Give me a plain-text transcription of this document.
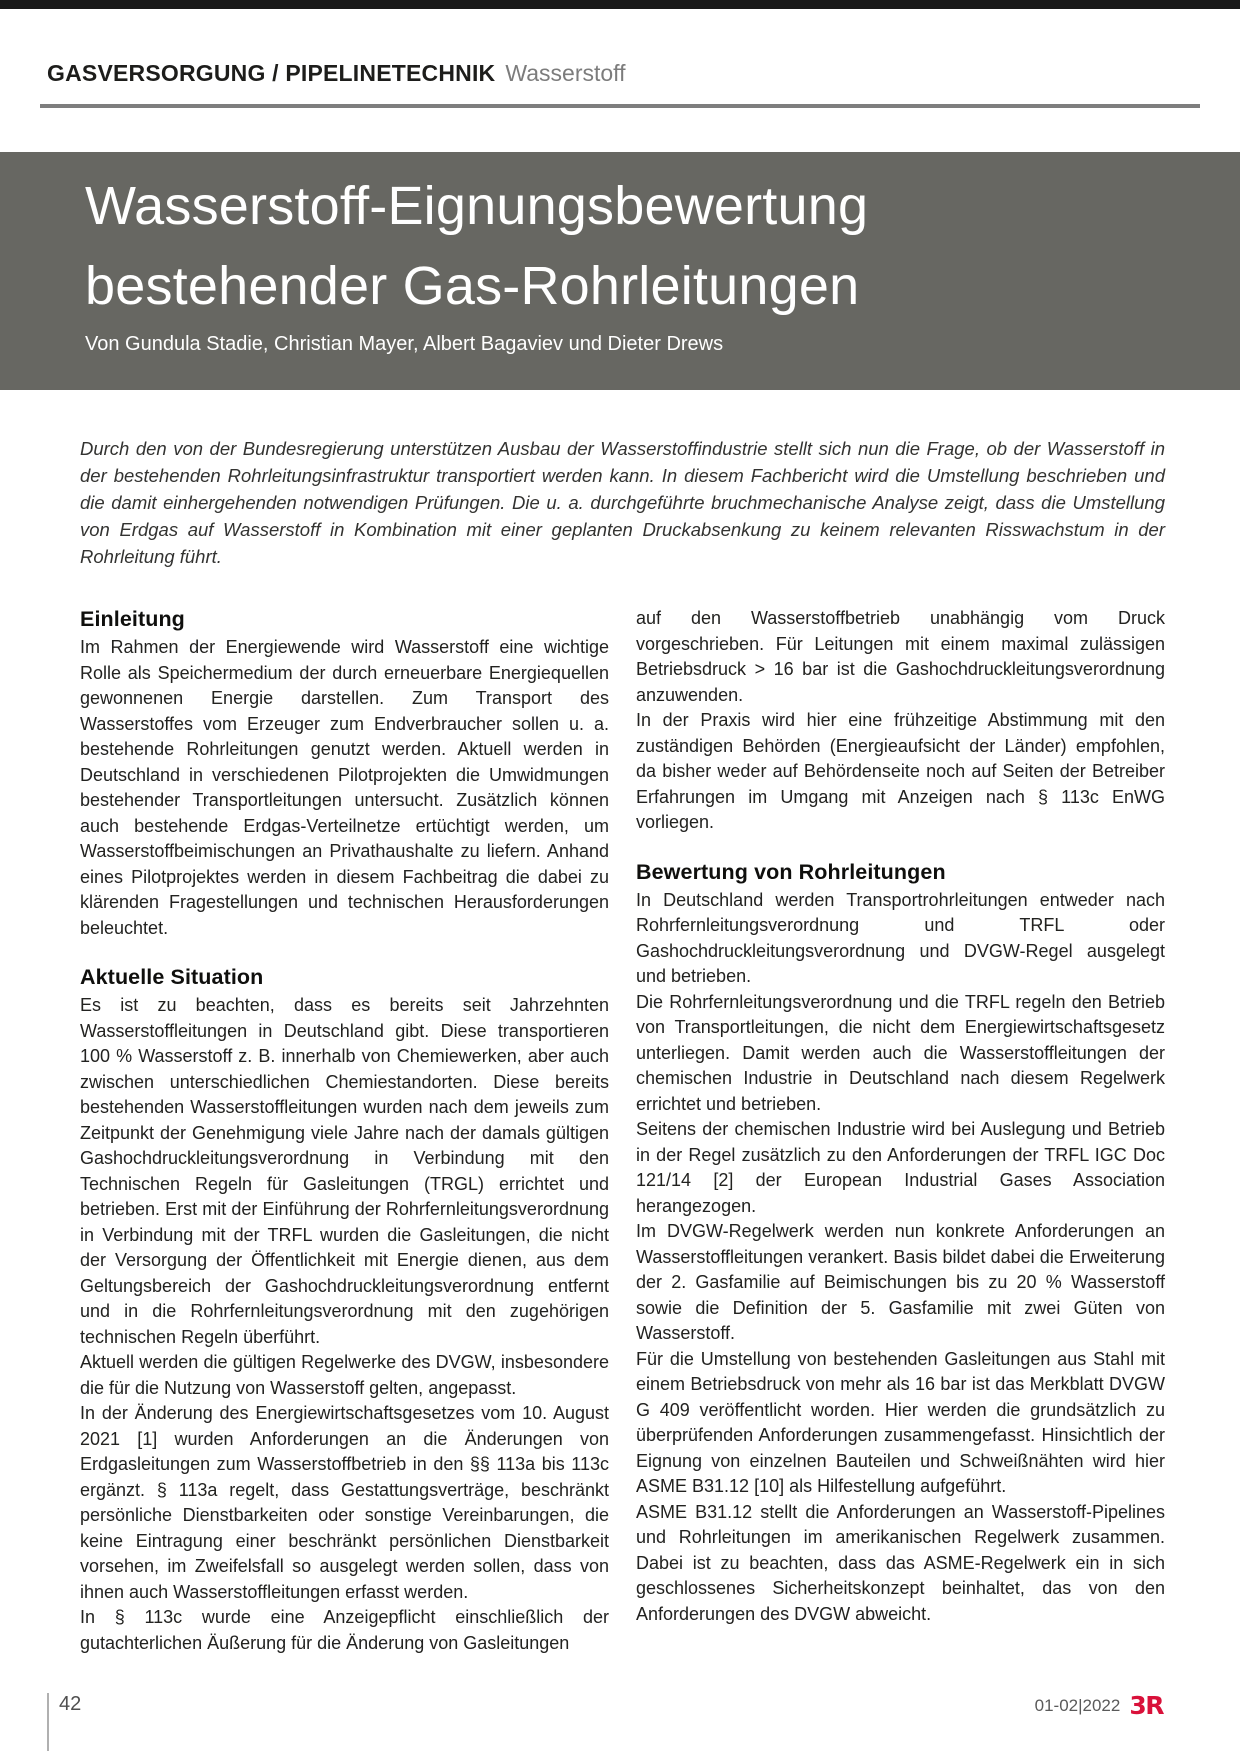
GASVERSORGUNG / PIPELINETECHNIK Wasserstoff
Wasserstoff-Eignungsbewertung
bestehender Gas-Rohrleitungen

Von Gundula Stadie, Christian Mayer, Albert Bagaviev und Dieter Drews

Durch den von der Bundesregierung unterstützen Ausbau der Wasserstoffindustrie stellt sich nun die Frage, ob der Wasserstoff in der bestehenden Rohrleitungsinfrastruktur transportiert werden kann. In diesem Fachbericht wird die Umstellung beschrieben und die damit einhergehenden notwendigen Prüfungen. Die u. a. durchgeführte bruchmechanische Analyse zeigt, dass die Umstellung von Erdgas auf Wasserstoff in Kombination mit einer geplanten Druckabsenkung zu keinem relevanten Risswachstum in der Rohrleitung führt.

Einleitung

Im Rahmen der Energiewende wird Wasserstoff eine wichtige Rolle als Speichermedium der durch erneuerbare Energiequellen gewonnenen Energie darstellen. Zum Transport des Wasserstoffes vom Erzeuger zum Endverbraucher sollen u. a. bestehende Rohrleitungen genutzt werden. Aktuell werden in Deutschland in verschiedenen Pilotprojekten die Umwidmungen bestehender Transportleitungen untersucht. Zusätzlich können auch bestehende Erdgas-Verteilnetze ertüchtigt werden, um Wasserstoffbeimischungen an Privathaushalte zu liefern. Anhand eines Pilotprojektes werden in diesem Fachbeitrag die dabei zu klärenden Fragestellungen und technischen Herausforderungen beleuchtet.

Aktuelle Situation

Es ist zu beachten, dass es bereits seit Jahrzehnten Wasserstoffleitungen in Deutschland gibt. Diese transportieren 100 % Wasserstoff z. B. innerhalb von Chemiewerken, aber auch zwischen unterschiedlichen Chemiestandorten. Diese bereits bestehenden Wasserstoffleitungen wurden nach dem jeweils zum Zeitpunkt der Genehmigung viele Jahre nach der damals gültigen Gashochdruckleitungsverordnung in Verbindung mit den Technischen Regeln für Gasleitungen (TRGL) errichtet und betrieben. Erst mit der Einführung der Rohrfernleitungsverordnung in Verbindung mit der TRFL wurden die Gasleitungen, die nicht der Versorgung der Öffentlichkeit mit Energie dienen, aus dem Geltungsbereich der Gashochdruckleitungsverordnung entfernt und in die Rohrfernleitungsverordnung mit den zugehörigen technischen Regeln überführt.

Aktuell werden die gültigen Regelwerke des DVGW, insbesondere die für die Nutzung von Wasserstoff gelten, angepasst.

In der Änderung des Energiewirtschaftsgesetzes vom 10. August 2021 [1] wurden Anforderungen an die Änderungen von Erdgasleitungen zum Wasserstoffbetrieb in den §§ 113a bis 113c ergänzt. § 113a regelt, dass Gestattungsverträge, beschränkt persönliche Dienstbarkeiten oder sonstige Vereinbarungen, die keine Eintragung einer beschränkt persönlichen Dienstbarkeit vorsehen, im Zweifelsfall so ausgelegt werden sollen, dass von ihnen auch Wasserstoffleitungen erfasst werden.

In § 113c wurde eine Anzeigepflicht einschließlich der gutachterlichen Äußerung für die Änderung von Gasleitungen

auf den Wasserstoffbetrieb unabhängig vom Druck vorgeschrieben. Für Leitungen mit einem maximal zulässigen Betriebsdruck > 16 bar ist die Gashochdruckleitungsverordnung anzuwenden.

In der Praxis wird hier eine frühzeitige Abstimmung mit den zuständigen Behörden (Energieaufsicht der Länder) empfohlen, da bisher weder auf Behördenseite noch auf Seiten der Betreiber Erfahrungen im Umgang mit Anzeigen nach § 113c EnWG vorliegen.

Bewertung von Rohrleitungen

In Deutschland werden Transportrohrleitungen entweder nach Rohrfernleitungsverordnung und TRFL oder Gashochdruckleitungsverordnung und DVGW-Regel ausgelegt und betrieben.

Die Rohrfernleitungsverordnung und die TRFL regeln den Betrieb von Transportleitungen, die nicht dem Energiewirtschaftsgesetz unterliegen. Damit werden auch die Wasserstoffleitungen der chemischen Industrie in Deutschland nach diesem Regelwerk errichtet und betrieben.

Seitens der chemischen Industrie wird bei Auslegung und Betrieb in der Regel zusätzlich zu den Anforderungen der TRFL IGC Doc 121/14 [2] der European Industrial Gases Association herangezogen.

Im DVGW-Regelwerk werden nun konkrete Anforderungen an Wasserstoffleitungen verankert. Basis bildet dabei die Erweiterung der 2. Gasfamilie auf Beimischungen bis zu 20 % Wasserstoff sowie die Definition der 5. Gasfamilie mit zwei Güten von Wasserstoff.

Für die Umstellung von bestehenden Gasleitungen aus Stahl mit einem Betriebsdruck von mehr als 16 bar ist das Merkblatt DVGW G 409 veröffentlicht worden. Hier werden die grundsätzlich zu überprüfenden Anforderungen zusammengefasst. Hinsichtlich der Eignung von einzelnen Bauteilen und Schweißnähten wird hier ASME B31.12 [10] als Hilfestellung aufgeführt.

ASME B31.12 stellt die Anforderungen an Wasserstoff-Pipelines und Rohrleitungen im amerikanischen Regelwerk zusammen. Dabei ist zu beachten, dass das ASME-Regelwerk ein in sich geschlossenes Sicherheitskonzept beinhaltet, das von den Anforderungen des DVGW abweicht.

42	01-02|2022 3R
